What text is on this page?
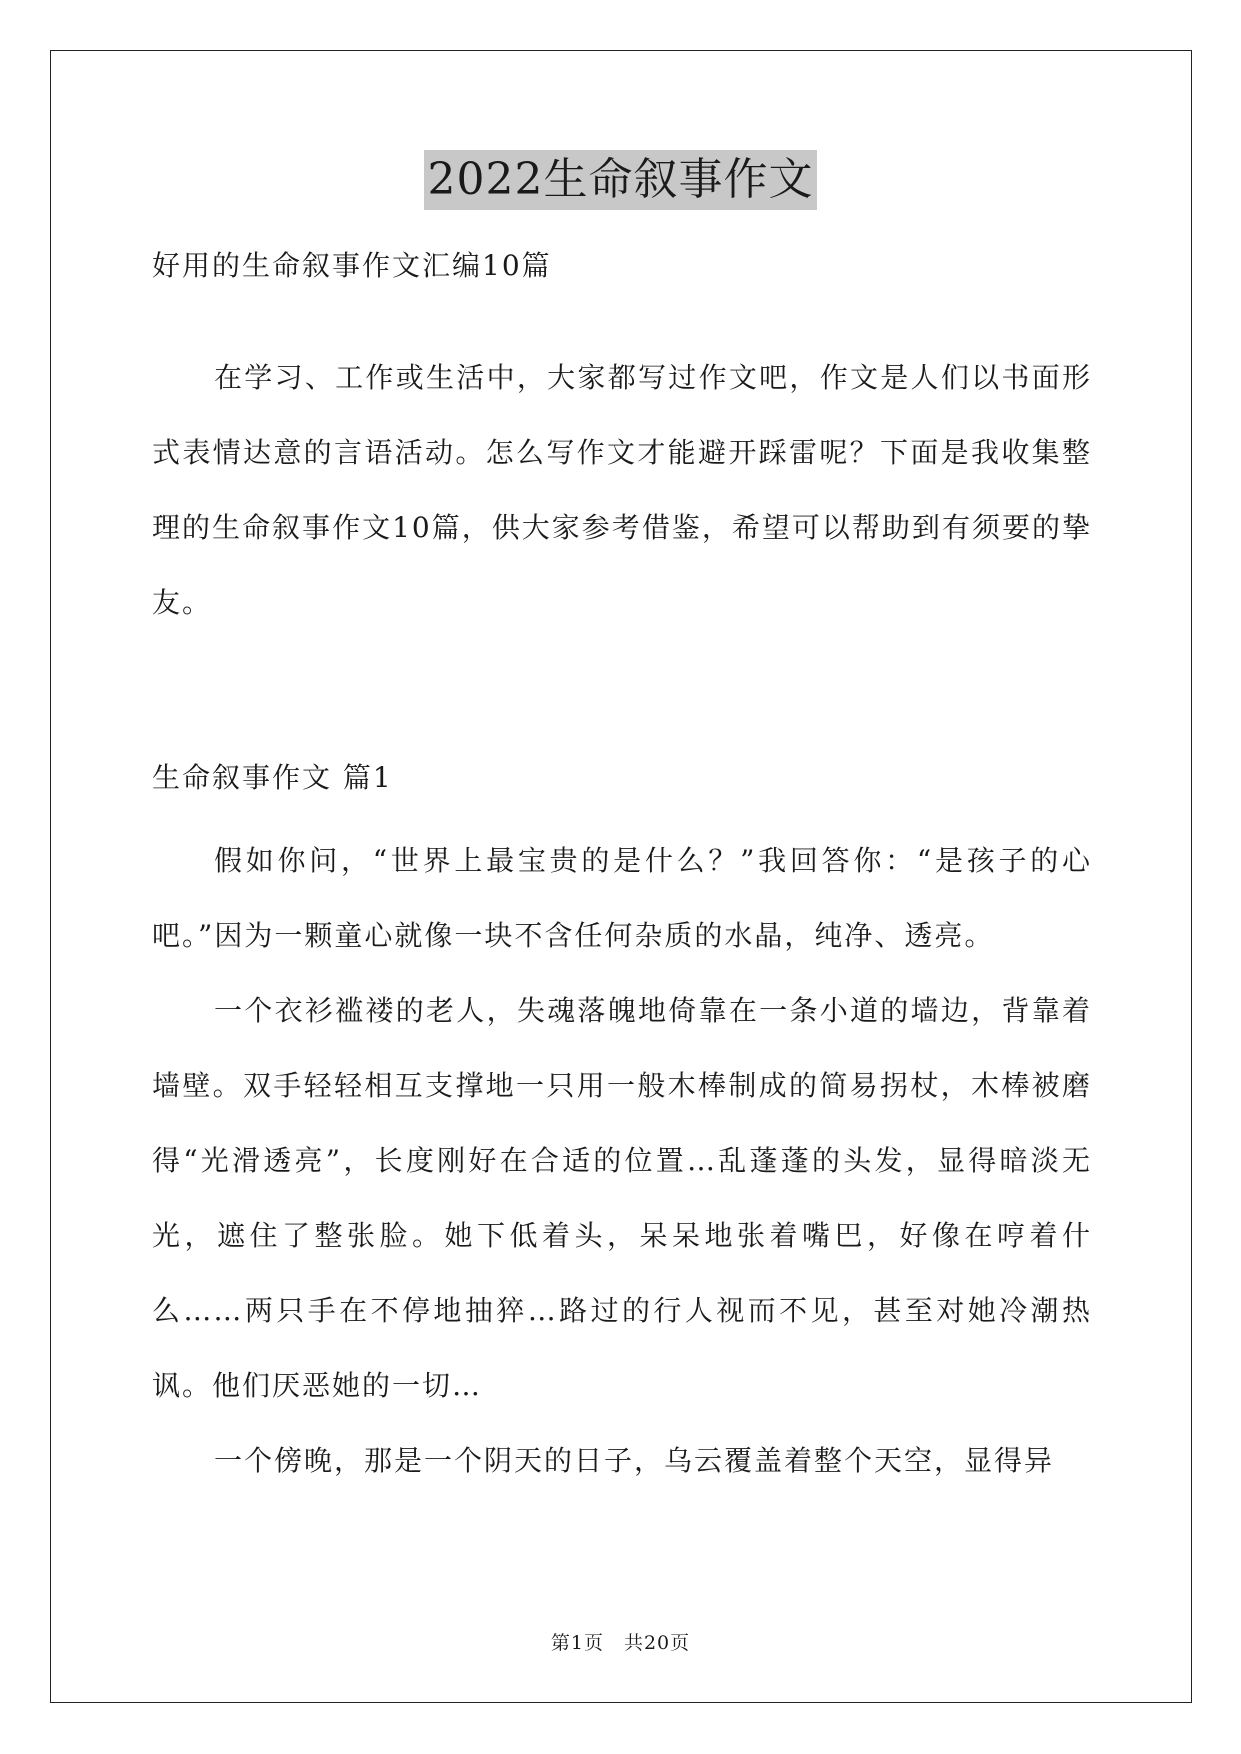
2022生命叙事作文
好用的生命叙事作文汇编10篇
在学习、工作或生活中，大家都写过作文吧，作文是人们以书面形式表情达意的言语活动。怎么写作文才能避开踩雷呢？下面是我收集整理的生命叙事作文10篇，供大家参考借鉴，希望可以帮助到有须要的挚友。
生命叙事作文 篇1

假如你问，“世界上最宝贵的是什么？”我回答你：“是孩子的心吧。”因为一颗童心就像一块不含任何杂质的水晶，纯净、透亮。

一个衣衫褴褛的老人，失魂落魄地倚靠在一条小道的墙边，背靠着墙壁。双手轻轻相互支撑地一只用一般木棒制成的简易拐杖，木棒被磨得“光滑透亮”，长度刚好在合适的位置…乱蓬蓬的头发，显得暗淡无光，遮住了整张脸。她下低着头，呆呆地张着嘴巴，好像在哼着什么……两只手在不停地抽猝…路过的行人视而不见，甚至对她冷潮热讽。他们厌恶她的一切…

一个傍晚，那是一个阴天的日子，乌云覆盖着整个天空，显得异

第1页　共20页
